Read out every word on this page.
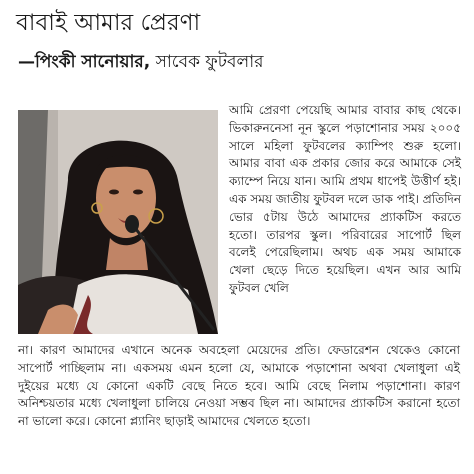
বাবাই আমার প্রেরণা
—পিংকী সানোয়ার, সাবেক ফুটবলার

আমি প্রেরণা পেয়েছি আমার বাবার কাছ থেকে। ভিকারুননেসা নূন স্কুলে পড়াশোনার সময় ২০০৫ সালে মহিলা ফুটবলের ক্যাম্পিং শুরু হলো। আমার বাবা এক প্রকার জোর করে আমাকে সেই ক্যাম্পে নিয়ে যান। আমি প্রথম ধাপেই উত্তীর্ণ হই। এক সময় জাতীয় ফুটবল দলে ডাক পাই। প্রতিদিন ভোর ৫টায় উঠে আমাদের প্র্যাকটিস করতে হতো। তারপর স্কুল। পরিবারের সাপোর্ট ছিল বলেই পেরেছিলাম। অথচ এক সময় আমাকে খেলা ছেড়ে দিতে হয়েছিল। এখন আর আমি ফুটবল খেলি

না। কারণ আমাদের এখানে অনেক অবহেলা মেয়েদের প্রতি। ফেডারেশন থেকেও কোনো সাপোর্ট পাচ্ছিলাম না। একসময় এমন হলো যে, আমাকে পড়াশোনা অথবা খেলাধুলা এই দুইয়ের মধ্যে যে কোনো একটি বেছে নিতে হবে। আমি বেছে নিলাম পড়াশোনা। কারণ অনিশ্চয়তার মধ্যে খেলাধুলা চালিয়ে নেওয়া সম্ভব ছিল না। আমাদের প্র্যাকটিস করানো হতো না ভালো করে। কোনো প্ল্যানিং ছাড়াই আমাদের খেলতে হতো।
